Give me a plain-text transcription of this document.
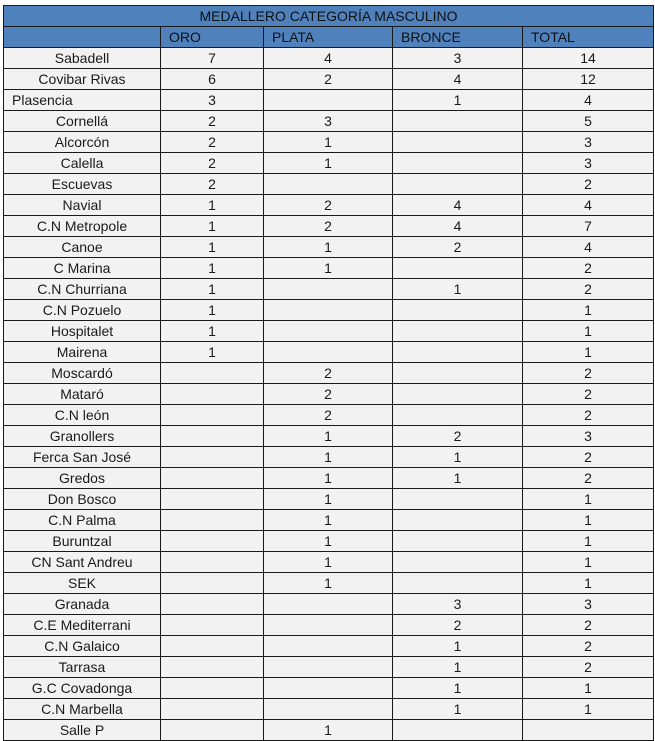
MEDALLERO CATEGORÍA MASCULINO				
	ORO	PLATA	BRONCE	TOTAL
Sabadell	7	4	3	14
Covibar Rivas	6	2	4	12
Plasencia	3		1	4
Cornellá	2	3		5
Alcorcón	2	1		3
Calella	2	1		3
Escuevas	2			2
Navial	1	2	4	4
C.N Metropole	1	2	4	7
Canoe	1	1	2	4
C Marina	1	1		2
C.N Churriana	1		1	2
C.N Pozuelo	1			1
Hospitalet	1			1
Mairena	1			1
Moscardó		2		2
Mataró		2		2
C.N león		2		2
Granollers		1	2	3
Ferca San José		1	1	2
Gredos		1	1	2
Don Bosco		1		1
C.N Palma		1		1
Buruntzal		1		1
CN Sant Andreu		1		1
SEK		1		1
Granada			3	3
C.E Mediterrani			2	2
C.N Galaico			1	2
Tarrasa			1	2
G.C Covadonga			1	1
C.N Marbella			1	1
Salle P		1		
